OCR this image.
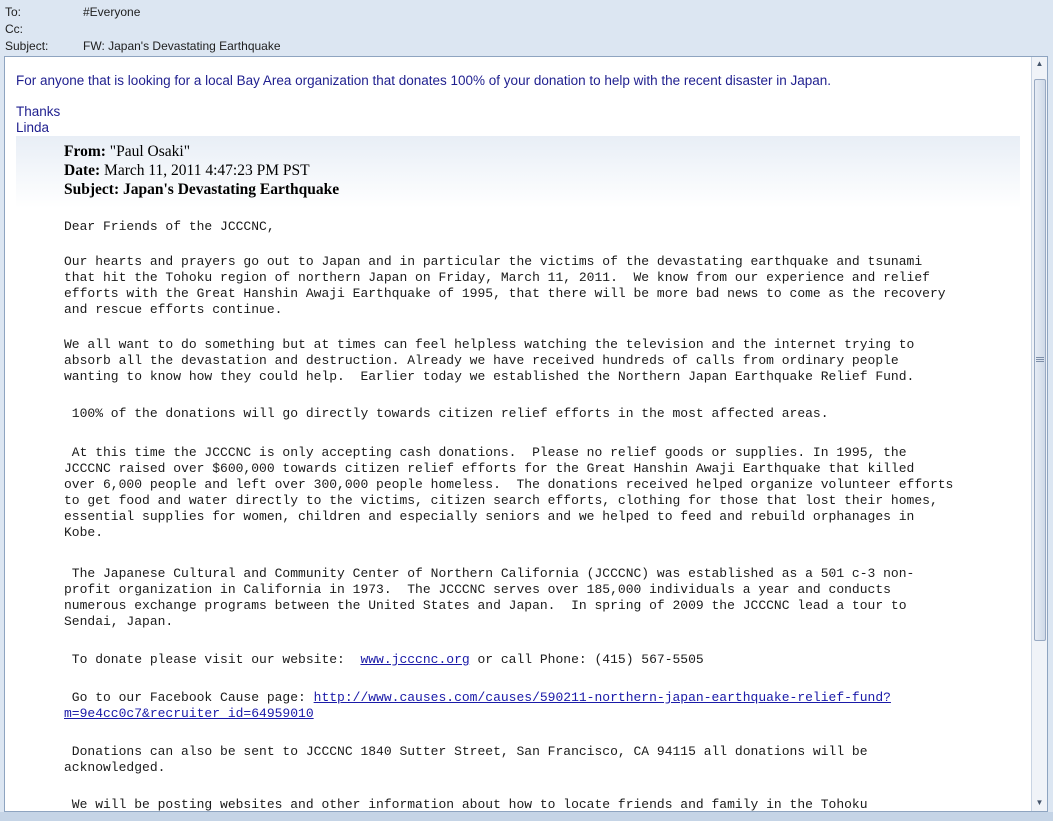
To:	#Everyone
Cc:
Subject:	FW: Japan's Devastating Earthquake
For anyone that is looking for a local Bay Area organization that donates 100% of your donation to help with the recent disaster in Japan.
Thanks
Linda
From: "Paul Osaki"
Date: March 11, 2011 4:47:23 PM PST
Subject: Japan's Devastating Earthquake
Dear Friends of the JCCCNC,
Our hearts and prayers go out to Japan and in particular the victims of the devastating earthquake and tsunami
that hit the Tohoku region of northern Japan on Friday, March 11, 2011.  We know from our experience and relief
efforts with the Great Hanshin Awaji Earthquake of 1995, that there will be more bad news to come as the recovery
and rescue efforts continue.
We all want to do something but at times can feel helpless watching the television and the internet trying to
absorb all the devastation and destruction. Already we have received hundreds of calls from ordinary people
wanting to know how they could help.  Earlier today we established the Northern Japan Earthquake Relief Fund.
100% of the donations will go directly towards citizen relief efforts in the most affected areas.
At this time the JCCCNC is only accepting cash donations.  Please no relief goods or supplies. In 1995, the
JCCCNC raised over $600,000 towards citizen relief efforts for the Great Hanshin Awaji Earthquake that killed
over 6,000 people and left over 300,000 people homeless.  The donations received helped organize volunteer efforts
to get food and water directly to the victims, citizen search efforts, clothing for those that lost their homes,
essential supplies for women, children and especially seniors and we helped to feed and rebuild orphanages in
Kobe.
The Japanese Cultural and Community Center of Northern California (JCCCNC) was established as a 501 c-3 non-
profit organization in California in 1973.  The JCCCNC serves over 185,000 individuals a year and conducts
numerous exchange programs between the United States and Japan.  In spring of 2009 the JCCCNC lead a tour to
Sendai, Japan.
To donate please visit our website:  www.jcccnc.org or call Phone: (415) 567-5505
Go to our Facebook Cause page: http://www.causes.com/causes/590211-northern-japan-earthquake-relief-fund?
m=9e4cc0c7&recruiter_id=64959010
Donations can also be sent to JCCCNC 1840 Sutter Street, San Francisco, CA 94115 all donations will be
acknowledged.
We will be posting websites and other information about how to locate friends and family in the Tohoku
▲
▼
